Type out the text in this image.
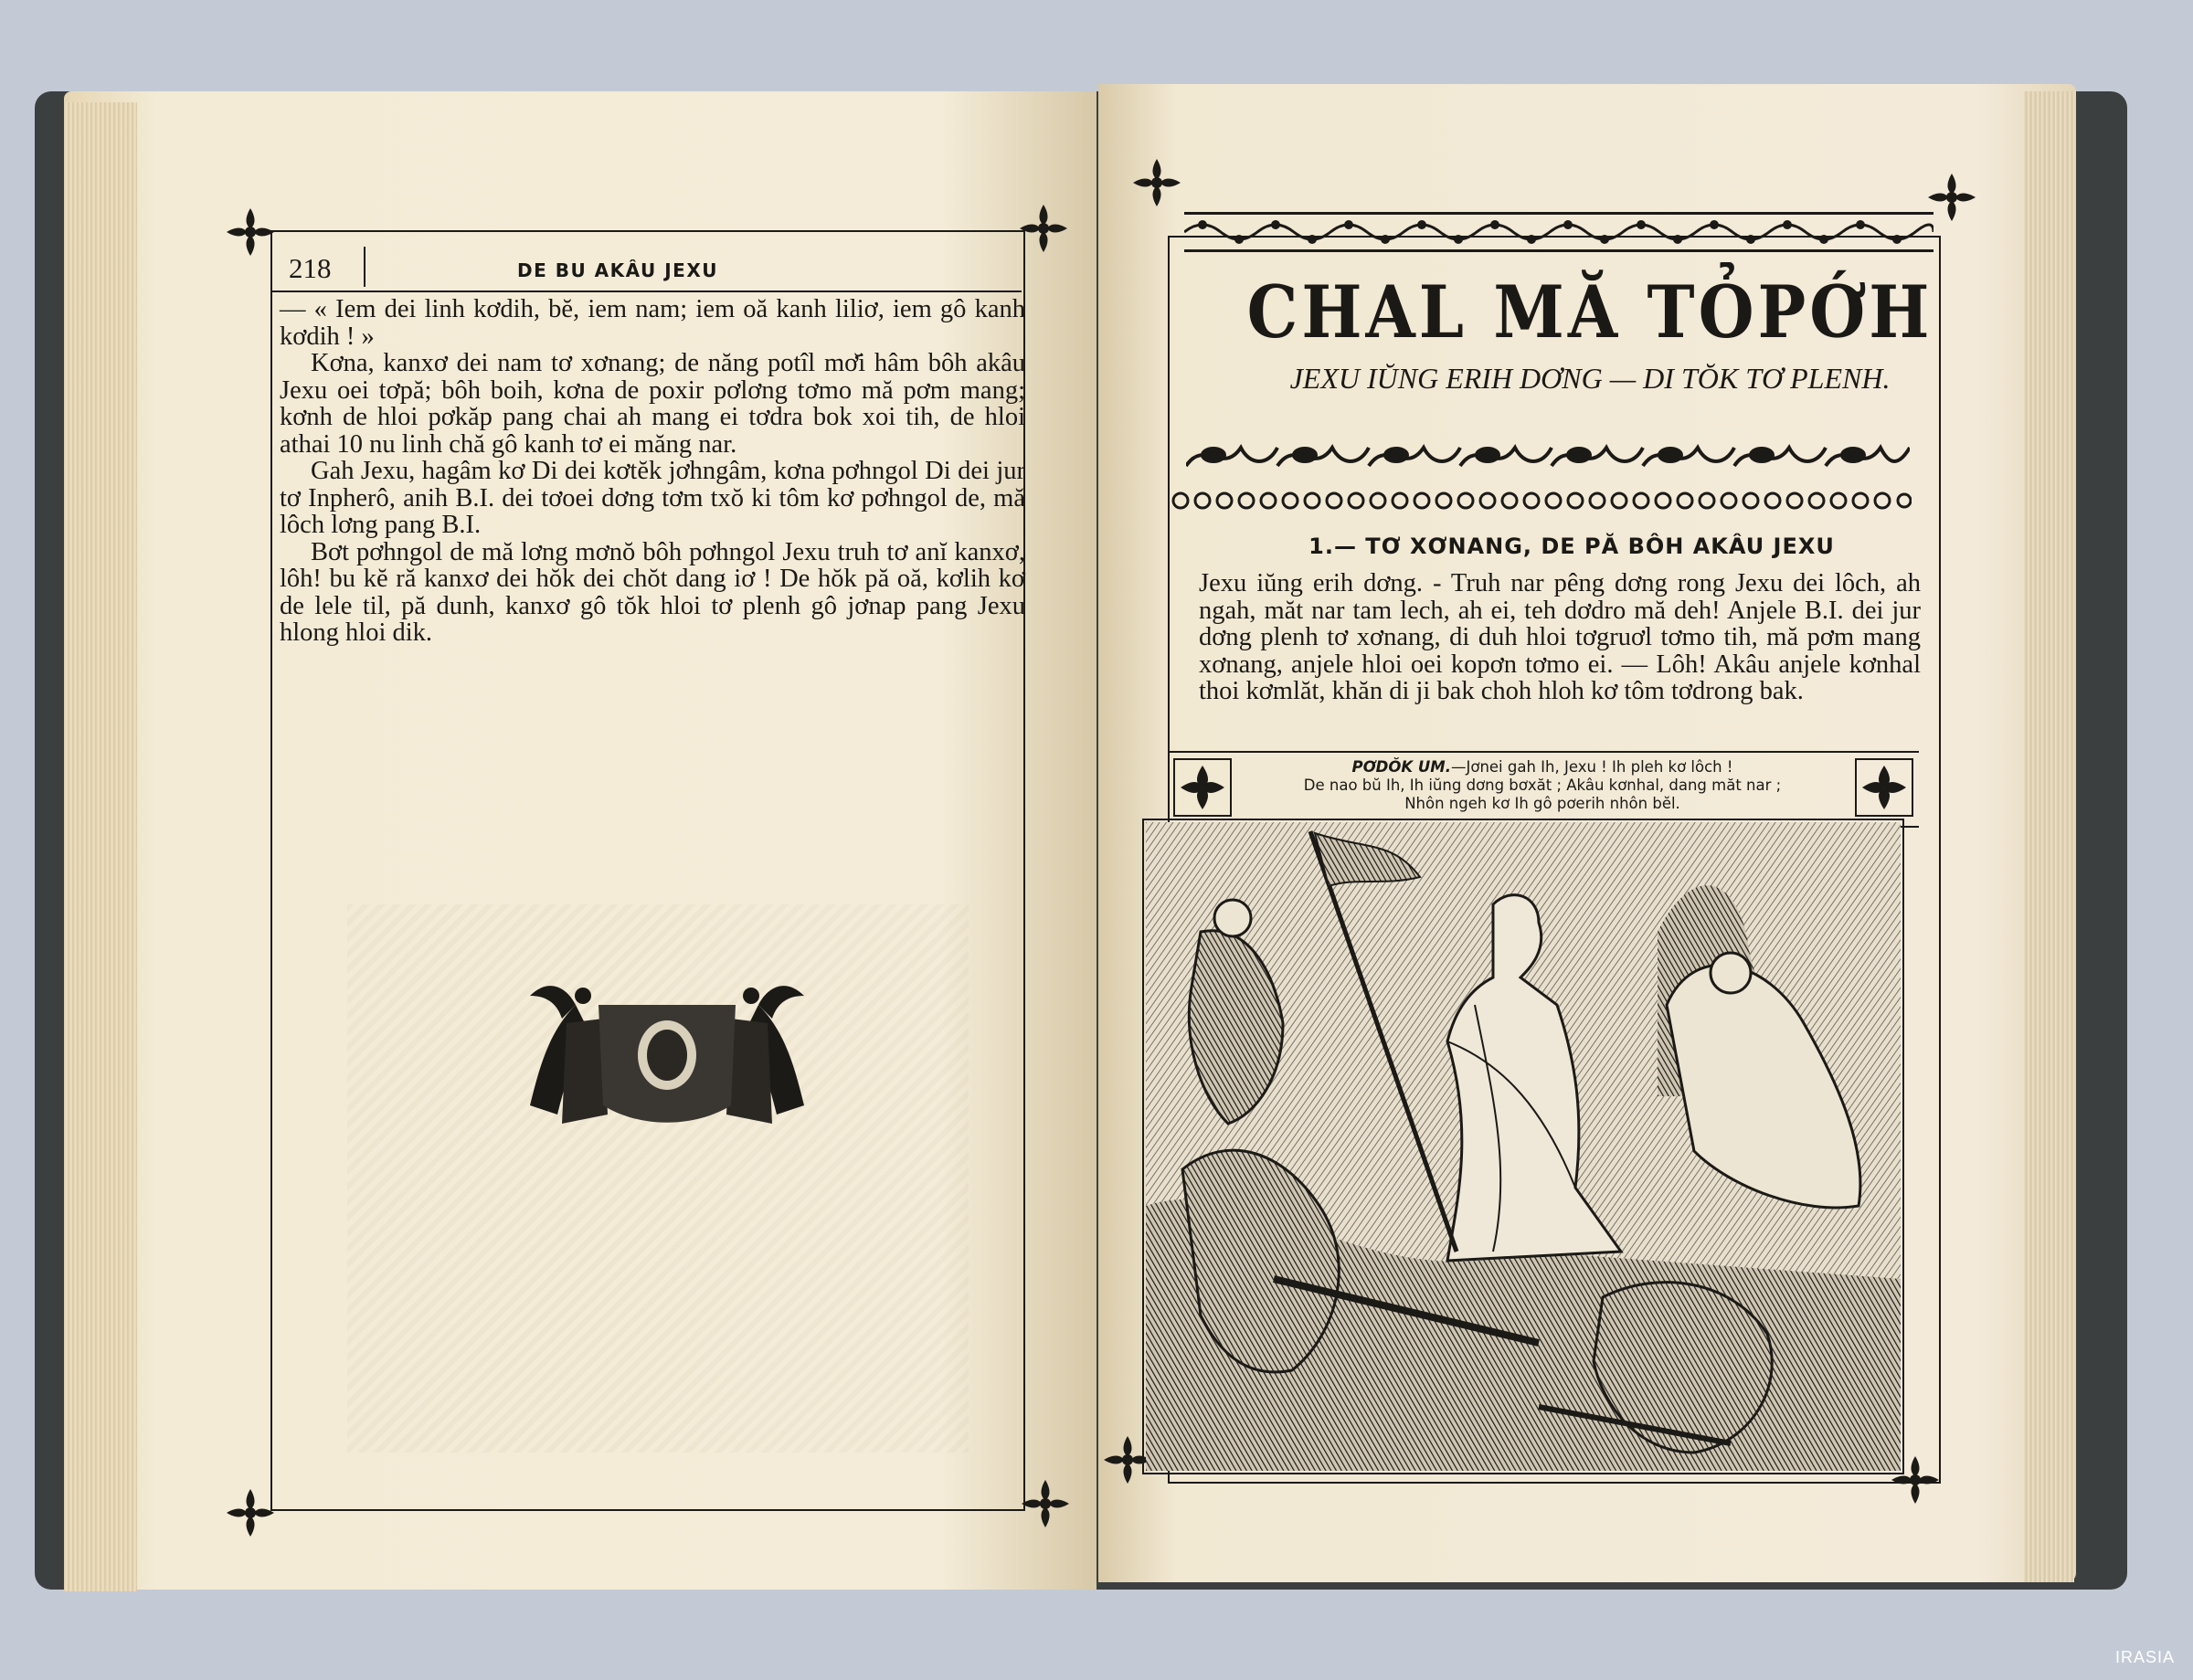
218	DE BU AKÂU JEXU

— « Iem dei linh kơdih, bĕ, iem nam; iem oă kanh liliơ, iem gô kanh kơdih ! »

Kơna, kanxơ dei nam tơ xơnang; de năng potîl mơ̆i hâm bôh akâu Jexu oei tơpă; bôh boih, kơna de poxir pơlơng tơmo mă pơm mang; kơnh de hloi pơkăp pang chai ah mang ei tơdra bok xoi tih, de hloi athai 10 nu linh chă gô kanh tơ ei măng nar.

Gah Jexu, hagâm kơ Di dei kơtĕk jơhngâm, kơna pơhngol Di dei jur tơ Inpherô, anih B.I. dei tơoei dơng tơm txŏ ki tôm kơ pơhngol de, mă lôch lơng pang B.I.

Bơt pơhngol de mă lơng mơnŏ bôh pơhngol Jexu truh tơ anĭ kanxơ, lôh! bu kĕ ră kanxơ dei hŏk dei chŏt dang iơ ! De hŏk pă oă, kơlih kơ de lele til, pă dunh, kanxơ gô tŏk hloi tơ plenh gô jơnap pang Jexu hlong hloi dik.

CHAL MĂ TỎPỚH
JEXU IŬNG ERIH DƠNG — DI TŎK TƠ PLENH.
1.— TƠ XƠNANG, DE PĂ BÔH AKÂU JEXU

Jexu iŭng erih dơng. - Truh nar pêng dơng rong Jexu dei lôch, ah ngah, măt nar tam lech, ah ei, teh dơdro mă deh! Anjele B.I. dei jur dơng plenh tơ xơnang, di duh hloi tơgruơl tơmo tih, mă pơm mang xơnang, anjele hloi oei kopơn tơmo ei. — Lôh! Akâu anjele kơnhal thoi kơmlăt, khăn di ji bak choh hloh kơ tôm tơdrong bak.

PƠDŎK UM.—Jơnei gah Ih, Jexu ! Ih pleh kơ lôch !
De nao bŭ Ih, Ih iŭng dơng bơxăt ; Akâu kơnhal, dang măt nar ;
Nhôn ngeh kơ Ih gô pơerih nhôn bĕl.
IRASIA
